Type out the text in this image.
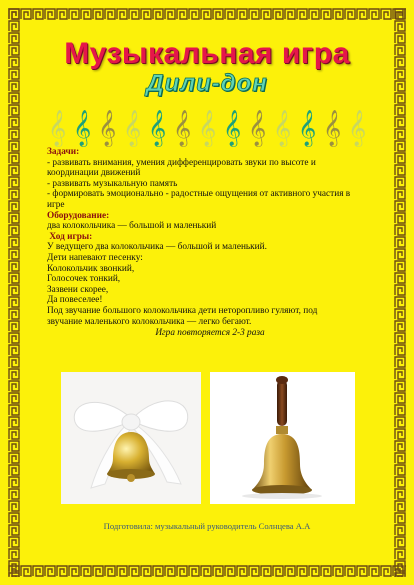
Музыкальная игра
Дили-дон
𝄞 𝄞 𝄞 𝄞 𝄞 𝄞 𝄞 𝄞 𝄞 𝄞 𝄞 𝄞 𝄞
Задачи:
- развивать внимания, умения дифференцировать звуки по высоте и
координации движений
- развивать музыкальную память
- формировать эмоционально - радостные ощущения от активного участия в
игре
Оборудование:
два колокольчика — большой и маленький
Ход игры:
У ведущего два колокольчика — большой и маленький.
Дети напевают песенку:
Колокольчик звонкий,
Голосочек тонкий,
Зазвени скорее,
Да повеселее!
Под звучание большого колокольчика дети неторопливо гуляют, под
звучание маленького колокольчика — легко бегают.
Игра повторяется 2-3 раза
Подготовила: музыкальный руководитель Солнцева А.А
